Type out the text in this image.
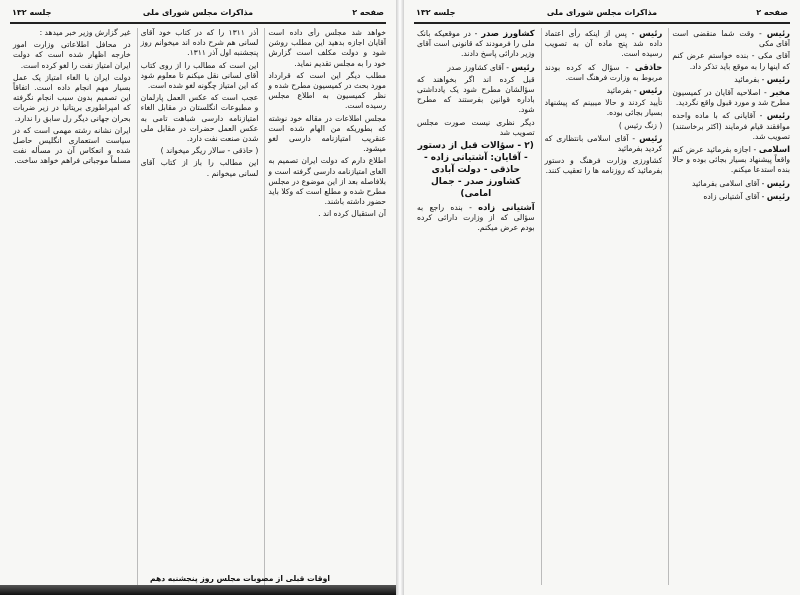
صفحه ۲
مذاکرات مجلس شورای ملی
جلسه ۱۳۲

خواهد شد مجلس رأی داده است آقایان اجازه بدهید این مطلب روشن شود و دولت مکلف است گزارش خود را به مجلس تقدیم نماید.

مطلب دیگر این است که قرارداد مورد بحث در کمیسیون مطرح شده و نظر کمیسیون به اطلاع مجلس رسیده است.

مجلس اطلاعات در مقاله خود نوشته که بطوریکه من الهام شده است عنقریب امتیازنامه دارسی لغو میشود.

اطلاع دارم که دولت ایران تصمیم به الغای امتیازنامه دارسی گرفته است و بلافاصله بعد از این موضوع در مجلس مطرح شده و مطلع است که وکلا باید حضور داشته باشند.

آن استقبال کرده اند .

آذر ۱۳۱۱ را که در کتاب خود آقای لسانی هم شرح داده اند میخوانم روز پنجشنبه اول آذر ۱۳۱۱.

این است که مطالب را از روی کتاب آقای لسانی نقل میکنم تا معلوم شود که این امتیاز چگونه لغو شده است.

عجب است که عکس العمل پارلمان و مطبوعات انگلستان در مقابل الغاء امتیازنامه دارسی شباهت تامی به عکس العمل حضرات در مقابل ملی شدن صنعت نفت دارد.

( حاذقی - سالار ریگر میخواند )

این مطالب را باز از کتاب آقای لسانی میخوانم .

غیر گزارش وزیر خبر میدهد :

در محافل اطلاعاتی وزارت امور خارجه اظهار شده است که دولت ایران امتیاز نفت را لغو کرده است.

دولت ایران با الغاء امتیاز یک عمل بسیار مهم انجام داده است. اتفاقاً این تصمیم بدون سبب انجام نگرفته که امپراطوری بریتانیا در زیر ضربات بحران جهانی دیگر رل سابق را ندارد.

ایران نشانه رشته مهمی است که در سیاست استعماری انگلیس حاصل شده و انعکاس آن در مسأله نفت مسلماً موجباتی فراهم خواهد ساخت.

اوقات قبلی از مصوبات مجلس روز پنجشنبه دهم
صفحه ۲
مذاکرات مجلس شورای ملی
جلسه ۱۳۲

رئیس - وقت شما منقضی است آقای مکی

آقای مکی - بنده خواستم عرض کنم که اینها را به موقع باید تذکر داد.

رئیس - بفرمائید

مخبر - اصلاحیه آقایان در کمیسیون مطرح شد و مورد قبول واقع نگردید.

رئیس - آقایانی که با ماده واحده موافقند قیام فرمایند (اکثر برخاستند) تصویب شد.

اسلامی - اجازه بفرمائید عرض کنم واقعاً پیشنهاد بسیار بجائی بوده و حالا بنده استدعا میکنم.

رئیس - آقای اسلامی بفرمائید

رئیس - آقای آشتیانی زاده

رئیس - پس از اینکه رأی اعتماد داده شد پنج ماده آن به تصویب رسیده است.

حاذقی - سؤال که کرده بودند مربوط به وزارت فرهنگ است.

رئیس - بفرمائید

تأیید کردند و حالا میبینم که پیشنهاد بسیار بجائی بوده.

( زنگ رئیس )

رئیس - آقای اسلامی بانتظاری که کردید بفرمائید

کشاورزی وزارت فرهنگ و دستور بفرمائید که روزنامه ها را تعقیب کنند.

کشاورز صدر - در موقعیکه بانک ملی را فرمودند که قانونی است آقای وزیر دارائی پاسخ دادند.

رئیس - آقای کشاورز صدر

قبل کرده اند اگر بخواهند که سؤالشان مطرح شود یک یادداشتی باداره قوانین بفرستند که مطرح شود.

دیگر نظری نیست صورت مجلس تصویب شد

(۲ - سؤالات قبل از دستور - آقایان: آشتیانی زاده - حاذقی - دولت آبادی کشاورز صدر - جمال امامی)

آشتیانی زاده - بنده راجع به سؤالی که از وزارت دارائی کرده بودم عرض میکنم.
